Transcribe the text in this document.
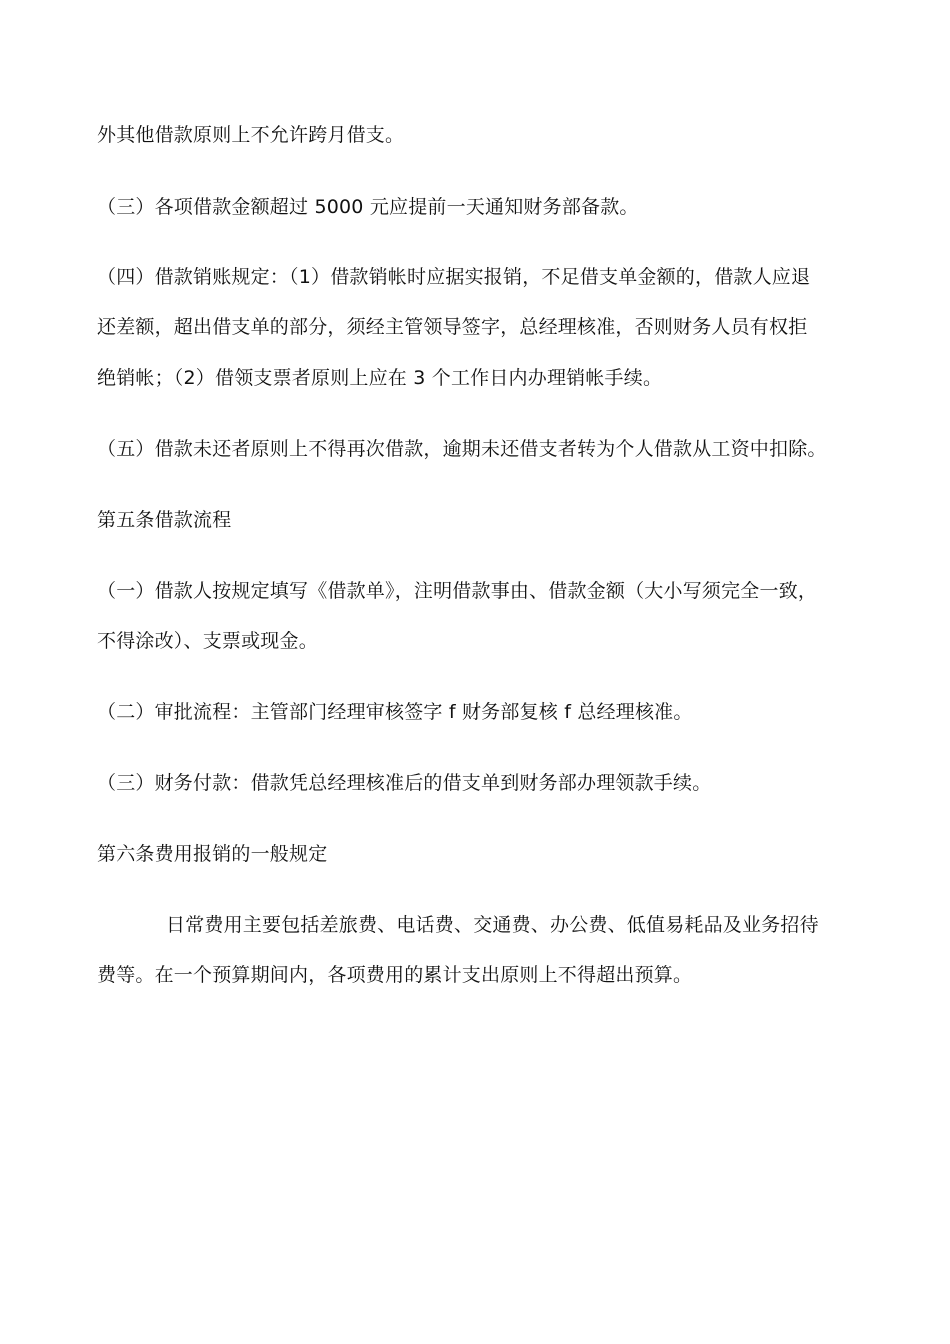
外其他借款原则上不允许跨月借支。
（三）各项借款金额超过 5000 元应提前一天通知财务部备款。
（四）借款销账规定：（1）借款销帐时应据实报销，不足借支单金额的，借款人应退
还差额，超出借支单的部分，须经主管领导签字，总经理核准，否则财务人员有权拒
绝销帐；（2）借领支票者原则上应在 3 个工作日内办理销帐手续。
（五）借款未还者原则上不得再次借款，逾期未还借支者转为个人借款从工资中扣除。
第五条借款流程
（一）借款人按规定填写《借款单》，注明借款事由、借款金额（大小写须完全一致，
不得涂改）、支票或现金。
（二）审批流程：主管部门经理审核签字 f 财务部复核 f 总经理核准。
（三）财务付款：借款凭总经理核准后的借支单到财务部办理领款手续。
第六条费用报销的一般规定
日常费用主要包括差旅费、电话费、交通费、办公费、低值易耗品及业务招待
费等。在一个预算期间内，各项费用的累计支出原则上不得超出预算。
